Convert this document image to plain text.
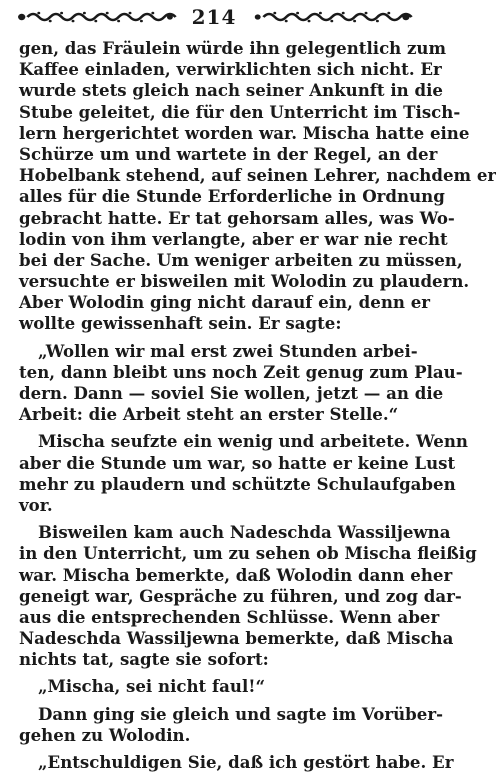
214
gen, das Fräulein würde ihn gelegentlich zum
Kaffee einladen, verwirklichten sich nicht. Er
wurde stets gleich nach seiner Ankunft in die
Stube geleitet, die für den Unterricht im Tisch-
lern hergerichtet worden war. Mischa hatte eine
Schürze um und wartete in der Regel, an der
Hobelbank stehend, auf seinen Lehrer, nachdem er
alles für die Stunde Erforderliche in Ordnung
gebracht hatte. Er tat gehorsam alles, was Wo-
lodin von ihm verlangte, aber er war nie recht
bei der Sache. Um weniger arbeiten zu müssen,
versuchte er bisweilen mit Wolodin zu plaudern.
Aber Wolodin ging nicht darauf ein, denn er
wollte gewissenhaft sein. Er sagte:
„Wollen wir mal erst zwei Stunden arbei-
ten, dann bleibt uns noch Zeit genug zum Plau-
dern. Dann — soviel Sie wollen, jetzt — an die
Arbeit: die Arbeit steht an erster Stelle.“
Mischa seufzte ein wenig und arbeitete. Wenn
aber die Stunde um war, so hatte er keine Lust
mehr zu plaudern und schützte Schulaufgaben
vor.
Bisweilen kam auch Nadeschda Wassiljewna
in den Unterricht, um zu sehen ob Mischa fleißig
war. Mischa bemerkte, daß Wolodin dann eher
geneigt war, Gespräche zu führen, und zog dar-
aus die entsprechenden Schlüsse. Wenn aber
Nadeschda Wassiljewna bemerkte, daß Mischa
nichts tat, sagte sie sofort:
„Mischa, sei nicht faul!“
Dann ging sie gleich und sagte im Vorüber-
gehen zu Wolodin.
„Entschuldigen Sie, daß ich gestört habe. Er
